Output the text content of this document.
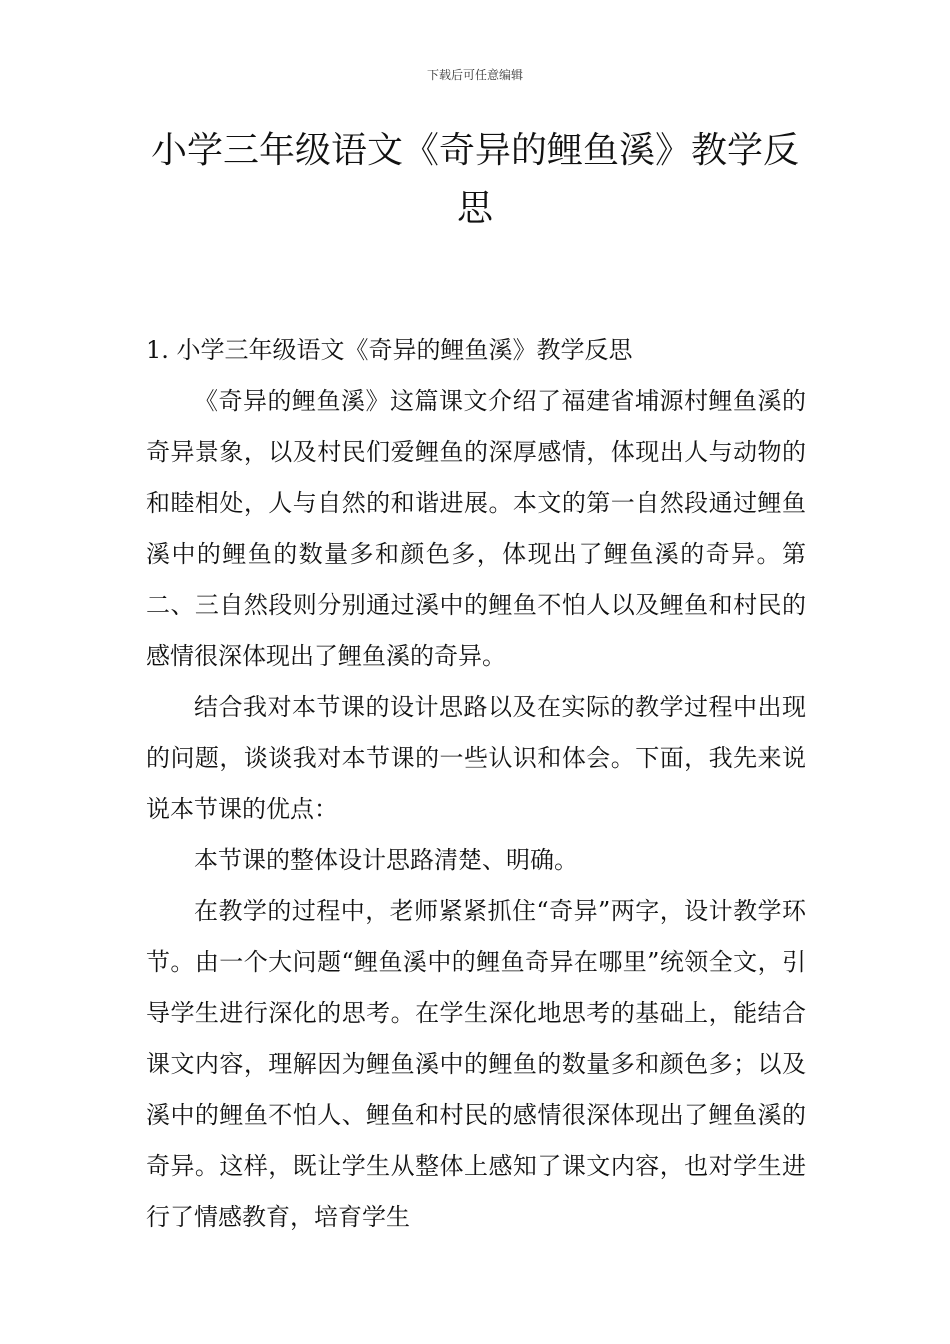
下载后可任意编辑
小学三年级语文《奇异的鲤鱼溪》教学反思

1. 小学三年级语文《奇异的鲤鱼溪》教学反思

《奇异的鲤鱼溪》这篇课文介绍了福建省埔源村鲤鱼溪的奇异景象，以及村民们爱鲤鱼的深厚感情，体现出人与动物的和睦相处，人与自然的和谐进展。本文的第一自然段通过鲤鱼溪中的鲤鱼的数量多和颜色多，体现出了鲤鱼溪的奇异。第二、三自然段则分别通过溪中的鲤鱼不怕人以及鲤鱼和村民的感情很深体现出了鲤鱼溪的奇异。

结合我对本节课的设计思路以及在实际的教学过程中出现的问题，谈谈我对本节课的一些认识和体会。下面，我先来说说本节课的优点：

本节课的整体设计思路清楚、明确。

在教学的过程中，老师紧紧抓住“奇异”两字，设计教学环节。由一个大问题“鲤鱼溪中的鲤鱼奇异在哪里”统领全文，引导学生进行深化的思考。在学生深化地思考的基础上，能结合课文内容，理解因为鲤鱼溪中的鲤鱼的数量多和颜色多；以及溪中的鲤鱼不怕人、鲤鱼和村民的感情很深体现出了鲤鱼溪的奇异。这样，既让学生从整体上感知了课文内容，也对学生进行了情感教育，培育学生
